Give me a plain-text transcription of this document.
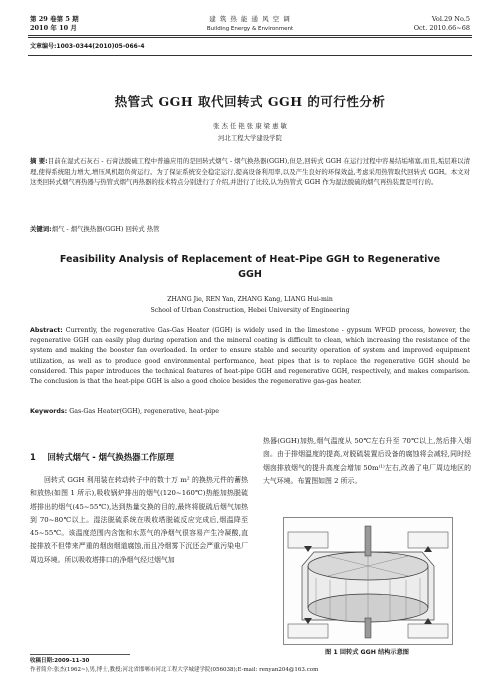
第 29 卷第 5 期
2010 年 10 月
建 筑 热 能 通 风 空 调
Building Energy & Environment
Vol.29 No.5
Oct. 2010.66~68
文章编号:1003-0344(2010)05-066-4
热管式 GGH 取代回转式 GGH 的可行性分析
张 杰 任 艳 张 康 梁 惠 敏
河北工程大学建设学院
摘 要:目前在湿式石灰石 - 石膏法脱硫工程中普遍应用的是回转式烟气 - 烟气换热器(GGH),但是,回转式 GGH 在运行过程中容易结垢堵塞,而且,垢层难以清理,使得系统阻力增大,增压风机超负荷运行。为了保证系统安全稳定运行,提高设备利用率,以及产生良好的环保效益,考虑采用热管取代回转式 GGH。本文对这类回转式烟气再热器与热管式烟气再热器的技术特点分别进行了介绍,并进行了比较,认为热管式 GGH 作为湿法脱硫的烟气再热装置是可行的。
关键词:烟气 - 烟气换热器(GGH) 回转式 热管
Feasibility Analysis of Replacement of Heat-Pipe GGH to Regenerative
GGH
ZHANG Jie, REN Yan, ZHANG Kang, LIANG Hui-min
School of Urban Construction, Hebei University of Engineering
Abstract: Currently, the regenerative Gas-Gas Heater (GGH) is widely used in the limestone - gypsum WFGD process, however, the regenerative GGH can easily plug during operation and the mineral coating is difficult to clean, which increasing the resistance of the system and making the booster fan overloaded. In order to ensure stable and security operation of system and improved equipment utilization, as well as to produce good environmental performance, heat pipes that is to replace the regenerative GGH should be considered. This paper introduces the technical features of heat-pipe GGH and regenerative GGH, respectively, and makes comparison. The conclusion is that the heat-pipe GGH is also a good choice besides the regenerative gas-gas heater.
Keywords: Gas-Gas Heater(GGH), regenerative, heat-pipe
1 回转式烟气 - 烟气换热器工作原理
回转式 GGH 利用装在转动转子中的数十万 m² 的换热元件的蓄热和放热(如图 1 所示),吸收锅炉排出的烟气(120~160℃)热能加热脱硫塔排出的烟气(45~55℃),达到热量交换的目的,最终将脱硫后烟气加热到 70~80℃以上。湿法脱硫系统在吸收塔脱硫反应完成后,烟温降至 45~55℃。该温度范围内含饱和水蒸气的净烟气很容易产生冷凝酸,直接排放不但带来严重的烟囱烟道腐蚀,而且冷烟雾下沉还会严重污染电厂周边环境。所以吸收塔排口的净烟气经过烟气加
热器(GGH)加热,烟气温度从 50℃左右升至 70℃以上,然后排入烟囱。由于排烟温度的提高,对脱硫装置后设备的腐蚀将会减轻,同时经烟囱排放烟气的提升高度会增加 50m⁽¹⁾左右,改善了电厂周边地区的大气环境。布置图如图 2 所示。
图 1 回转式 GGH 结构示意图
收稿日期:2009-11-30
作者简介:张杰(1962~),男,博士,教授;河北省邯郸市河北工程大学城建学院(056038);E-mail: renyan204@163.com
